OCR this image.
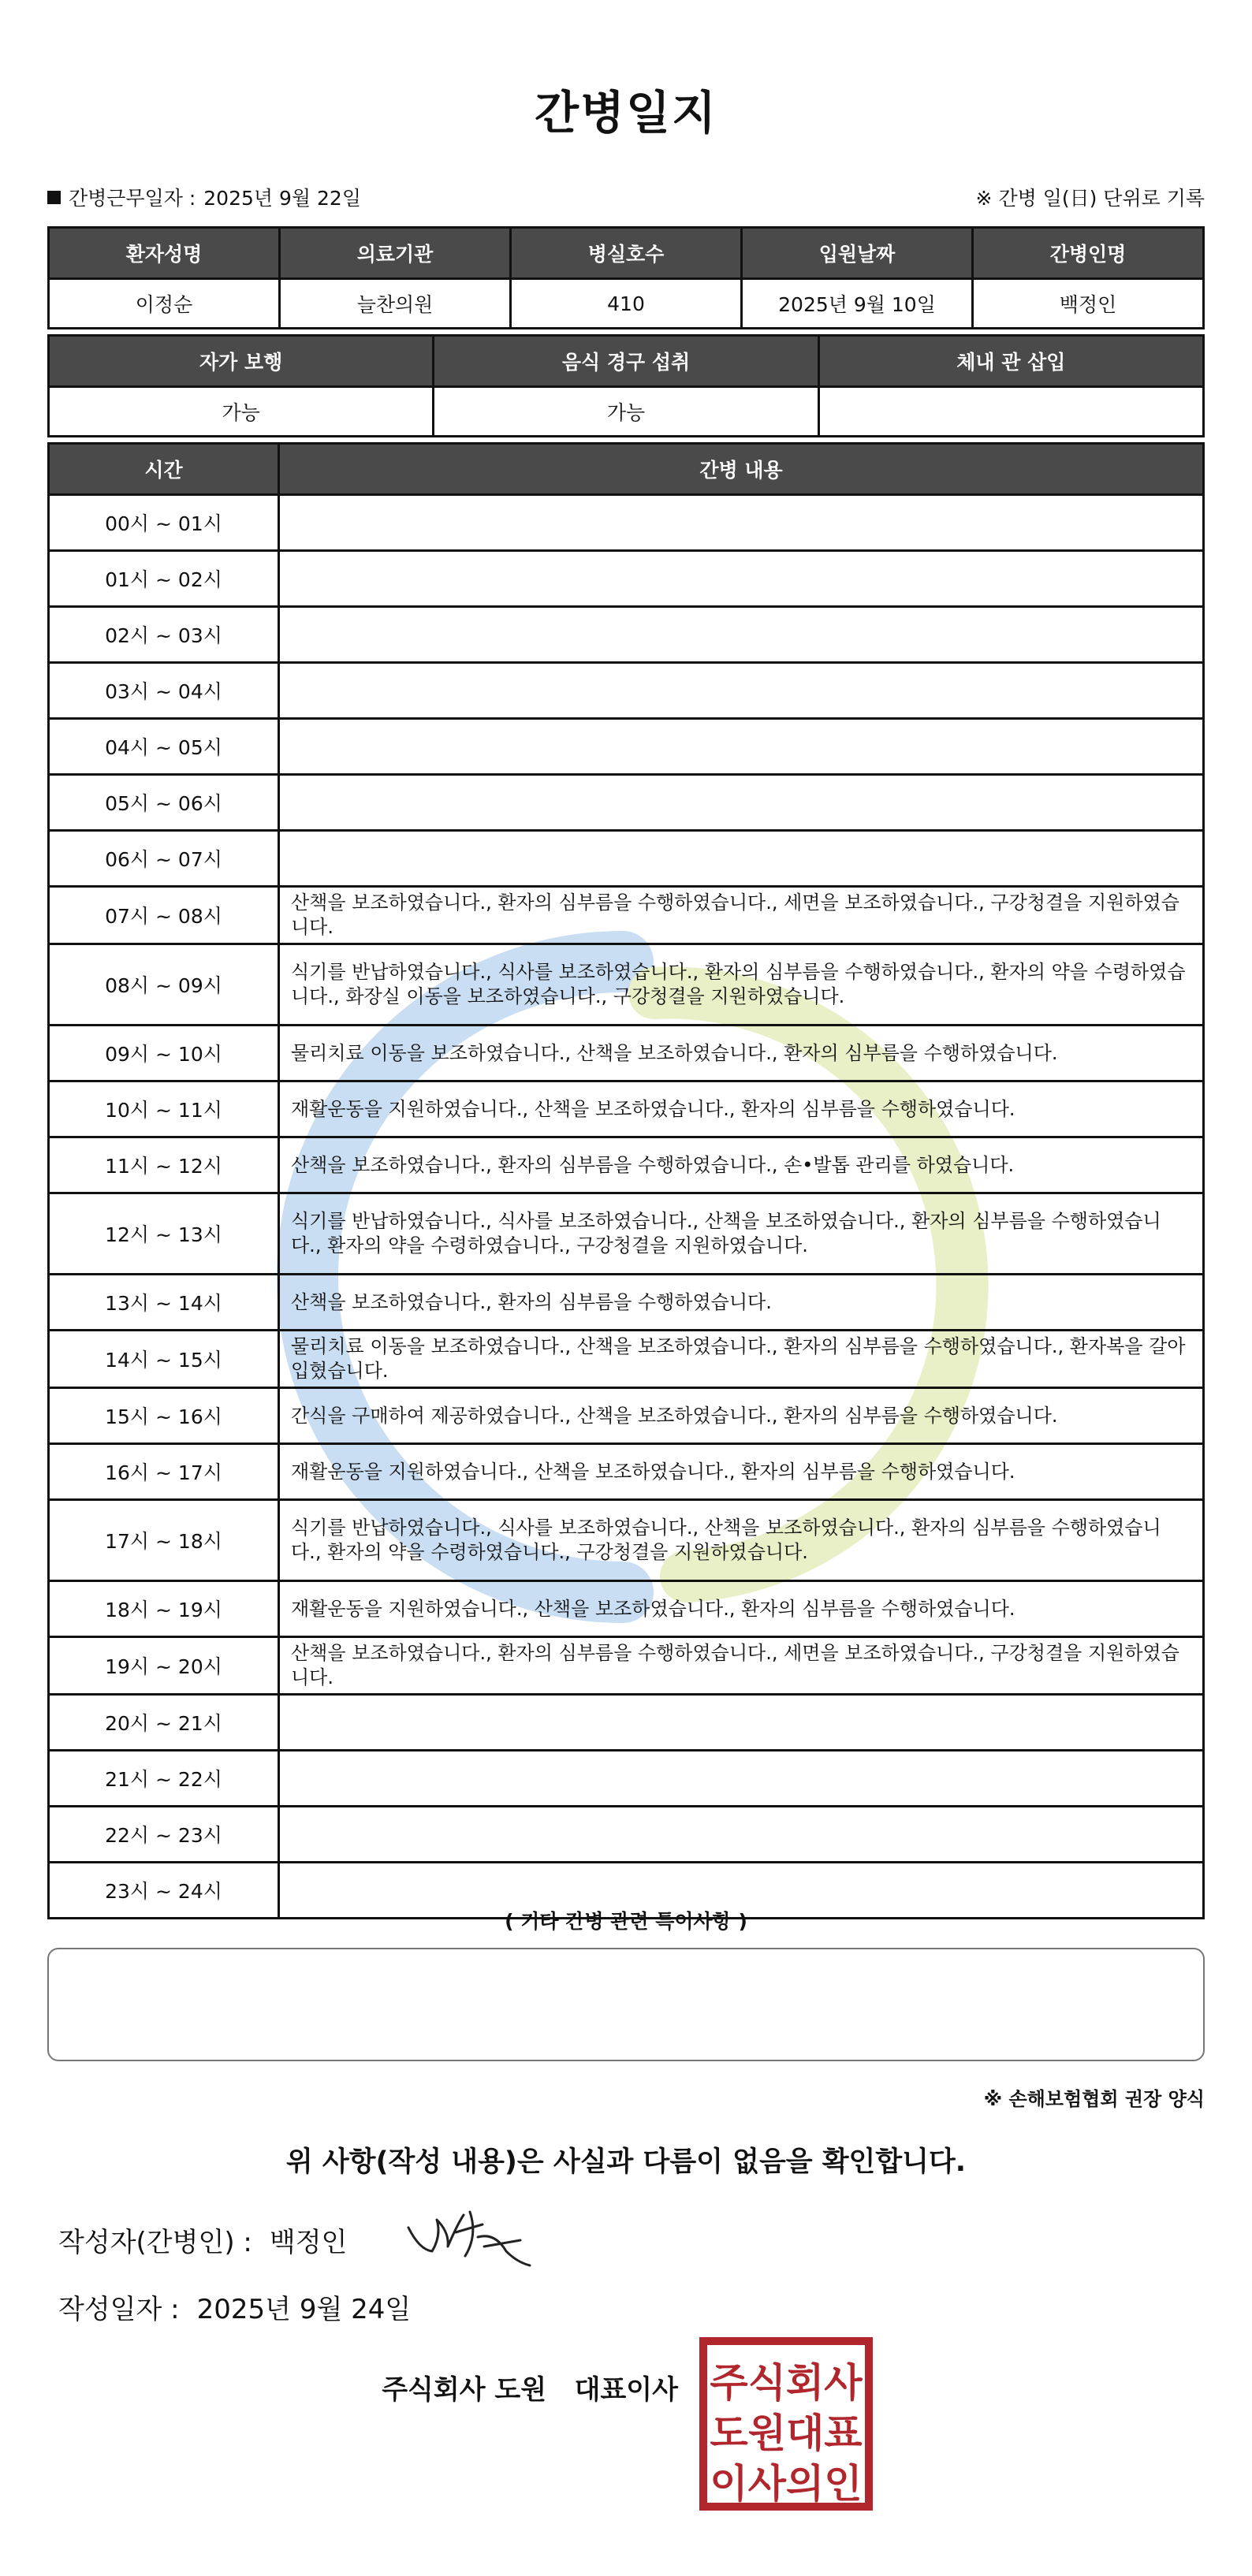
간병일지
간병근무일자 : 2025년 9월 22일	※ 간병 일(日) 단위로 기록
환자성명	의료기관	병실호수	입원날짜	간병인명
이정순	늘찬의원	410	2025년 9월 10일	백정인
자가 보행	음식 경구 섭취	체내 관 삽입
가능	가능	
시간	간병 내용
00시 ~ 01시	
01시 ~ 02시	
02시 ~ 03시	
03시 ~ 04시	
04시 ~ 05시	
05시 ~ 06시	
06시 ~ 07시	
07시 ~ 08시	산책을 보조하였습니다., 환자의 심부름을 수행하였습니다., 세면을 보조하였습니다., 구강청결을 지원하였습니다.
08시 ~ 09시	식기를 반납하였습니다., 식사를 보조하였습니다., 환자의 심부름을 수행하였습니다., 환자의 약을 수령하였습니다., 화장실 이동을 보조하였습니다., 구강청결을 지원하였습니다.
09시 ~ 10시	물리치료 이동을 보조하였습니다., 산책을 보조하였습니다., 환자의 심부름을 수행하였습니다.
10시 ~ 11시	재활운동을 지원하였습니다., 산책을 보조하였습니다., 환자의 심부름을 수행하였습니다.
11시 ~ 12시	산책을 보조하였습니다., 환자의 심부름을 수행하였습니다., 손•발톱 관리를 하였습니다.
12시 ~ 13시	식기를 반납하였습니다., 식사를 보조하였습니다., 산책을 보조하였습니다., 환자의 심부름을 수행하였습니다., 환자의 약을 수령하였습니다., 구강청결을 지원하였습니다.
13시 ~ 14시	산책을 보조하였습니다., 환자의 심부름을 수행하였습니다.
14시 ~ 15시	물리치료 이동을 보조하였습니다., 산책을 보조하였습니다., 환자의 심부름을 수행하였습니다., 환자복을 갈아입혔습니다.
15시 ~ 16시	간식을 구매하여 제공하였습니다., 산책을 보조하였습니다., 환자의 심부름을 수행하였습니다.
16시 ~ 17시	재활운동을 지원하였습니다., 산책을 보조하였습니다., 환자의 심부름을 수행하였습니다.
17시 ~ 18시	식기를 반납하였습니다., 식사를 보조하였습니다., 산책을 보조하였습니다., 환자의 심부름을 수행하였습니다., 환자의 약을 수령하였습니다., 구강청결을 지원하였습니다.
18시 ~ 19시	재활운동을 지원하였습니다., 산책을 보조하였습니다., 환자의 심부름을 수행하였습니다.
19시 ~ 20시	산책을 보조하였습니다., 환자의 심부름을 수행하였습니다., 세면을 보조하였습니다., 구강청결을 지원하였습니다.
20시 ~ 21시	
21시 ~ 22시	
22시 ~ 23시	
23시 ~ 24시	
( 기타 간병 관련 특이사항 )
※ 손해보험협회 권장 양식
위 사항(작성 내용)은 사실과 다름이 없음을 확인합니다.
작성자(간병인) : 백정인
작성일자 : 2025년 9월 24일
주식회사 도원 대표이사 주식회사
도원대표
이사의인
